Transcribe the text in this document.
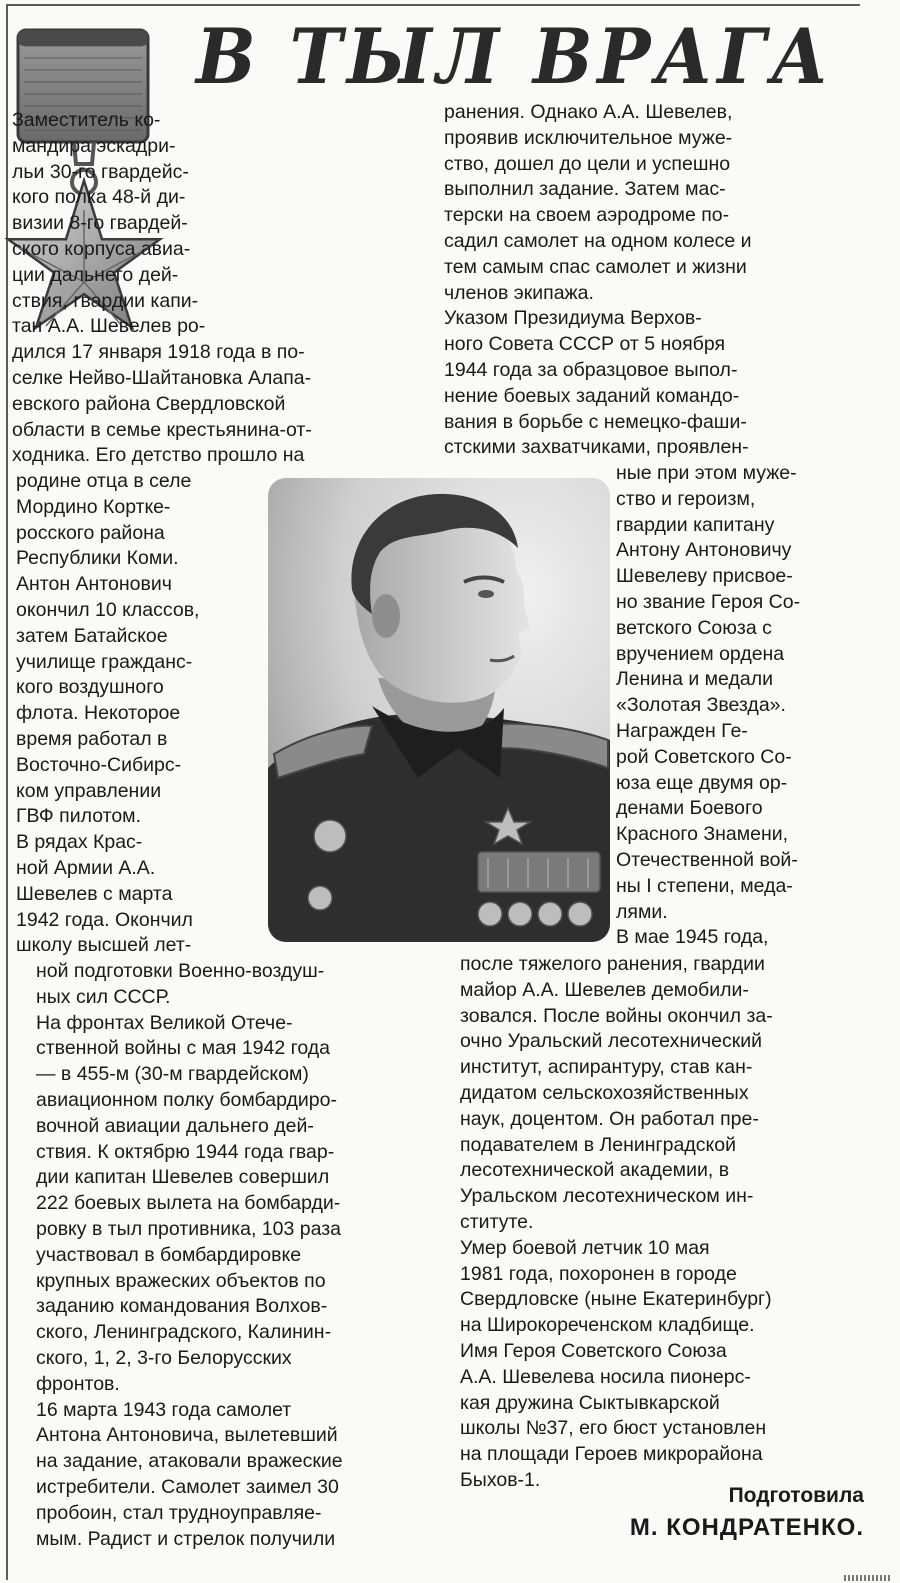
В ТЫЛ ВРАГА
Заместитель ко-
мандира эскадри-
льи 30-го гвардейс-
кого полка 48-й ди-
визии 8-го гвардей-
ского корпуса авиа-
ции дальнего дей-
ствия, гвардии капи-
тан А.А. Шевелев ро-
дился 17 января 1918 года в по-
селке Нейво-Шайтановка Алапа-
евского района Свердловской
области в семье крестьянина-от-
ходника. Его детство прошло на
родине отца в селе
Мордино Корткe-
росского района
Республики Коми.
Антон Антонович
окончил 10 классов,
затем Батайское
училище гражданс-
кого воздушного
флота. Некоторое
время работал в
Восточно-Сибирс-
ком управлении
ГВФ пилотом.
В рядах Крас-
ной Армии А.А.
Шевелев с марта
1942 года. Окончил
школу высшей лет-
ной подготовки Военно-воздуш-
ных сил СССР.
На фронтах Великой Отече-
ственной войны с мая 1942 года
— в 455-м (30-м гвардейском)
авиационном полку бомбардиро-
вочной авиации дальнего дей-
ствия. К октябрю 1944 года гвар-
дии капитан Шевелев совершил
222 боевых вылета на бомбарди-
ровку в тыл противника, 103 раза
участвовал в бомбардировке
крупных вражеских объектов по
заданию командования Волхов-
ского, Ленинградского, Калинин-
ского, 1, 2, 3-го Белорусских
фронтов.
16 марта 1943 года самолет
Антона Антоновича, вылетевший
на задание, атаковали вражеские
истребители. Самолет заимел 30
пробоин, стал трудноуправляе-
мым. Радист и стрелок получили
ранения. Однако А.А. Шевелев,
проявив исключительное муже-
ство, дошел до цели и успешно
выполнил задание. Затем мас-
терски на своем аэродроме по-
садил самолет на одном колесе и
тем самым спас самолет и жизни
членов экипажа.
Указом Президиума Верхов-
ного Совета СССР от 5 ноября
1944 года за образцовое выпол-
нение боевых заданий командо-
вания в борьбе с немецко-фаши-
стскими захватчиками, проявлен-
ные при этом муже-
ство и героизм,
гвардии капитану
Антону Антоновичу
Шевелеву присвое-
но звание Героя Со-
ветского Союза с
вручением ордена
Ленина и медали
«Золотая Звезда».
Награжден Ге-
рой Советского Со-
юза еще двумя ор-
денами Боевого
Красного Знамени,
Отечественной вой-
ны I степени, меда-
лями.
В мае 1945 года,
после тяжелого ранения, гвардии
майор А.А. Шевелев демобили-
зовался. После войны окончил за-
очно Уральский лесотехнический
институт, аспирантуру, став кан-
дидатом сельскохозяйственных
наук, доцентом. Он работал пре-
подавателем в Ленинградской
лесотехнической академии, в
Уральском лесотехническом ин-
ституте.
Умер боевой летчик 10 мая
1981 года, похоронен в городе
Свердловске (ныне Екатеринбург)
на Широкореченском кладбище.
Имя Героя Советского Союза
А.А. Шевелева носила пионерс-
кая дружина Сыктывкарской
школы №37, его бюст установлен
на площади Героев микрорайона
Быхов-1.
Подготовила
М. КОНДРАТЕНКО.
